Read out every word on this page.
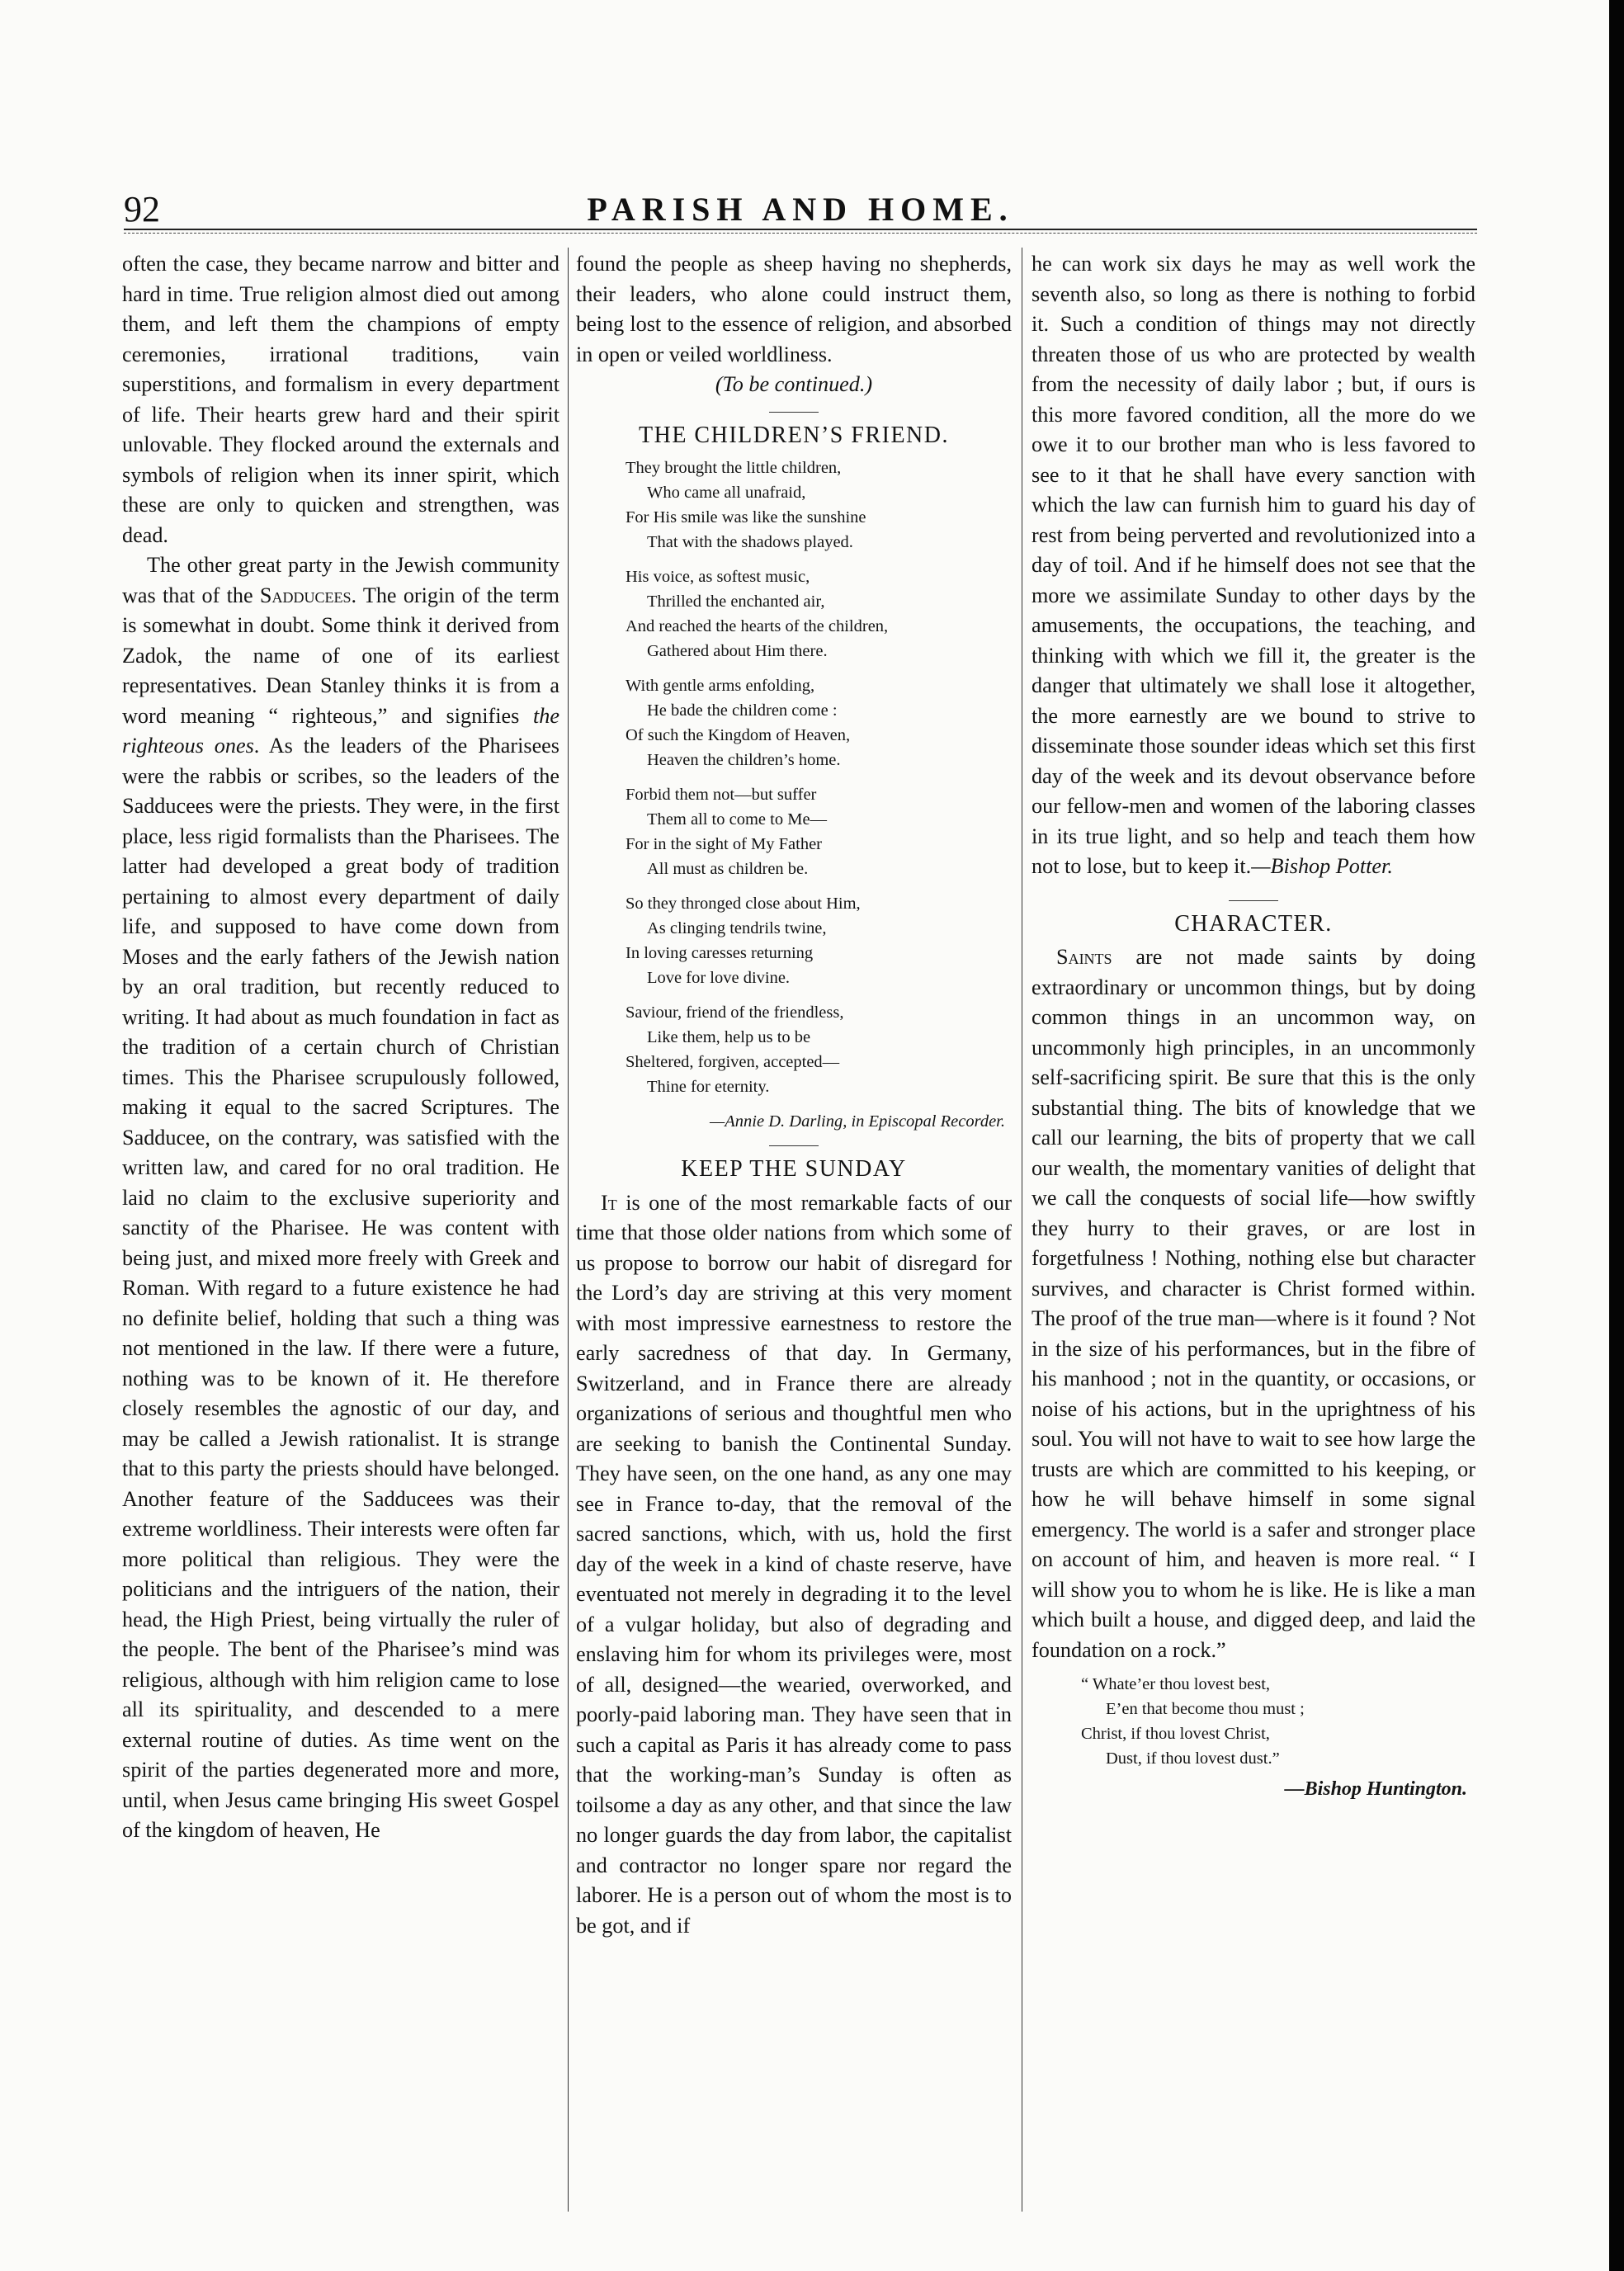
92	PARISH AND HOME.

often the case, they became narrow and bitter and hard in time. True religion almost died out among them, and left them the champions of empty ceremonies, irrational traditions, vain superstitions, and formalism in every department of life. Their hearts grew hard and their spirit unlovable. They flocked around the externals and symbols of religion when its inner spirit, which these are only to quicken and strengthen, was dead.

The other great party in the Jewish community was that of the Sadducees. The origin of the term is somewhat in doubt. Some think it derived from Zadok, the name of one of its earliest representatives. Dean Stanley thinks it is from a word meaning “ righteous,” and signifies the righteous ones. As the leaders of the Pharisees were the rabbis or scribes, so the leaders of the Sadducees were the priests. They were, in the first place, less rigid formalists than the Pharisees. The latter had developed a great body of tradition pertaining to almost every department of daily life, and supposed to have come down from Moses and the early fathers of the Jewish nation by an oral tradition, but recently reduced to writing. It had about as much foundation in fact as the tradition of a certain church of Christian times. This the Pharisee scrupulously followed, making it equal to the sacred Scriptures. The Sadducee, on the contrary, was satisfied with the written law, and cared for no oral tradition. He laid no claim to the exclusive superiority and sanctity of the Pharisee. He was content with being just, and mixed more freely with Greek and Roman. With regard to a future existence he had no definite belief, holding that such a thing was not mentioned in the law. If there were a future, nothing was to be known of it. He therefore closely resembles the agnostic of our day, and may be called a Jewish rationalist. It is strange that to this party the priests should have belonged. Another feature of the Sadducees was their extreme worldliness. Their interests were often far more political than religious. They were the politicians and the intriguers of the nation, their head, the High Priest, being virtually the ruler of the people. The bent of the Pharisee’s mind was religious, although with him religion came to lose all its spirituality, and descended to a mere external routine of duties. As time went on the spirit of the parties degenerated more and more, until, when Jesus came bringing His sweet Gospel of the kingdom of heaven, He

found the people as sheep having no shepherds, their leaders, who alone could instruct them, being lost to the essence of religion, and absorbed in open or veiled worldliness.

(To be continued.)

THE CHILDREN’S FRIEND.
They brought the little children,
Who came all unafraid,
For His smile was like the sunshine
That with the shadows played.
His voice, as softest music,
Thrilled the enchanted air,
And reached the hearts of the children,
Gathered about Him there.
With gentle arms enfolding,
He bade the children come :
Of such the Kingdom of Heaven,
Heaven the children’s home.
Forbid them not—but suffer
Them all to come to Me—
For in the sight of My Father
All must as children be.
So they thronged close about Him,
As clinging tendrils twine,
In loving caresses returning
Love for love divine.
Saviour, friend of the friendless,
Like them, help us to be
Sheltered, forgiven, accepted—
Thine for eternity.
—Annie D. Darling, in Episcopal Recorder.
KEEP THE SUNDAY

It is one of the most remarkable facts of our time that those older nations from which some of us propose to borrow our habit of disregard for the Lord’s day are striving at this very moment with most impressive earnestness to restore the early sacredness of that day. In Germany, Switzerland, and in France there are already organizations of serious and thoughtful men who are seeking to banish the Continental Sunday. They have seen, on the one hand, as any one may see in France to-day, that the removal of the sacred sanctions, which, with us, hold the first day of the week in a kind of chaste reserve, have eventuated not merely in degrading it to the level of a vulgar holiday, but also of degrading and enslaving him for whom its privileges were, most of all, designed—the wearied, overworked, and poorly-paid laboring man. They have seen that in such a capital as Paris it has already come to pass that the working-man’s Sunday is often as toilsome a day as any other, and that since the law no longer guards the day from labor, the capitalist and contractor no longer spare nor regard the laborer. He is a person out of whom the most is to be got, and if

he can work six days he may as well work the seventh also, so long as there is nothing to forbid it. Such a condition of things may not directly threaten those of us who are protected by wealth from the necessity of daily labor ; but, if ours is this more favored condition, all the more do we owe it to our brother man who is less favored to see to it that he shall have every sanction with which the law can furnish him to guard his day of rest from being perverted and revolutionized into a day of toil. And if he himself does not see that the more we assimilate Sunday to other days by the amusements, the occupations, the teaching, and thinking with which we fill it, the greater is the danger that ultimately we shall lose it altogether, the more earnestly are we bound to strive to disseminate those sounder ideas which set this first day of the week and its devout observance before our fellow-men and women of the laboring classes in its true light, and so help and teach them how not to lose, but to keep it.—Bishop Potter.

CHARACTER.

Saints are not made saints by doing extraordinary or uncommon things, but by doing common things in an uncommon way, on uncommonly high principles, in an uncommonly self-sacrificing spirit. Be sure that this is the only substantial thing. The bits of knowledge that we call our learning, the bits of property that we call our wealth, the momentary vanities of delight that we call the conquests of social life—how swiftly they hurry to their graves, or are lost in forgetfulness ! Nothing, nothing else but character survives, and character is Christ formed within. The proof of the true man—where is it found ? Not in the size of his performances, but in the fibre of his manhood ; not in the quantity, or occasions, or noise of his actions, but in the uprightness of his soul. You will not have to wait to see how large the trusts are which are committed to his keeping, or how he will behave himself in some signal emergency. The world is a safer and stronger place on account of him, and heaven is more real. “ I will show you to whom he is like. He is like a man which built a house, and digged deep, and laid the foundation on a rock.”

“ Whate’er thou lovest best,
E’en that become thou must ;
Christ, if thou lovest Christ,
Dust, if thou lovest dust.”
—Bishop Huntington.
